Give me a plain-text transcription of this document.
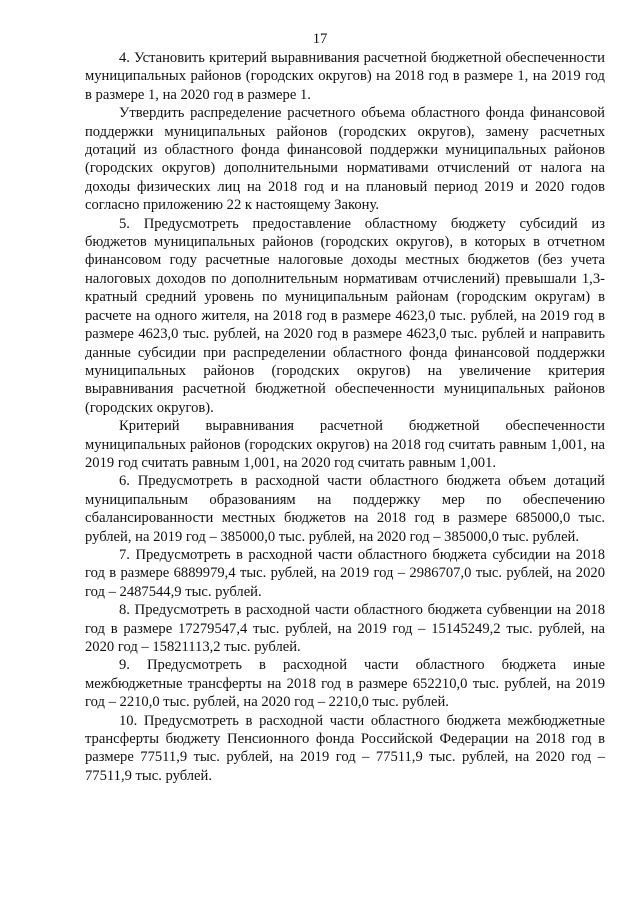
17

4. Установить критерий выравнивания расчетной бюджетной обеспеченности муниципальных районов (городских округов) на 2018 год в размере 1, на 2019 год в размере 1, на 2020 год в размере 1.

Утвердить распределение расчетного объема областного фонда финансовой поддержки муниципальных районов (городских округов), замену расчетных дотаций из областного фонда финансовой поддержки муниципальных районов (городских округов) дополнительными нормативами отчислений от налога на доходы физических лиц на 2018 год и на плановый период 2019 и 2020 годов согласно приложению 22 к настоящему Закону.

5. Предусмотреть предоставление областному бюджету субсидий из бюджетов муниципальных районов (городских округов), в которых в отчетном финансовом году расчетные налоговые доходы местных бюджетов (без учета налоговых доходов по дополнительным нормативам отчислений) превышали 1,3-кратный средний уровень по муниципальным районам (городским округам) в расчете на одного жителя, на 2018 год в размере 4623,0 тыс. рублей, на 2019 год в размере 4623,0 тыс. рублей, на 2020 год в размере 4623,0 тыс. рублей и направить данные субсидии при распределении областного фонда финансовой поддержки муниципальных районов (городских округов) на увеличение критерия выравнивания расчетной бюджетной обеспеченности муниципальных районов (городских округов).

Критерий выравнивания расчетной бюджетной обеспеченности муниципальных районов (городских округов) на 2018 год считать равным 1,001, на 2019 год считать равным 1,001, на 2020 год считать равным 1,001.

6. Предусмотреть в расходной части областного бюджета объем дотаций муниципальным образованиям на поддержку мер по обеспечению сбалансированности местных бюджетов на 2018 год в размере 685000,0 тыс. рублей, на 2019 год – 385000,0 тыс. рублей, на 2020 год – 385000,0 тыс. рублей.

7. Предусмотреть в расходной части областного бюджета субсидии на 2018 год в размере 6889979,4 тыс. рублей, на 2019 год – 2986707,0 тыс. рублей, на 2020 год – 2487544,9 тыс. рублей.

8. Предусмотреть в расходной части областного бюджета субвенции на 2018 год в размере 17279547,4 тыс. рублей, на 2019 год – 15145249,2 тыс. рублей, на 2020 год – 15821113,2 тыс. рублей.

9. Предусмотреть в расходной части областного бюджета иные межбюджетные трансферты на 2018 год в размере 652210,0 тыс. рублей, на 2019 год – 2210,0 тыс. рублей, на 2020 год – 2210,0 тыс. рублей.

10. Предусмотреть в расходной части областного бюджета межбюджетные трансферты бюджету Пенсионного фонда Российской Федерации на 2018 год в размере 77511,9 тыс. рублей, на 2019 год – 77511,9 тыс. рублей, на 2020 год – 77511,9 тыс. рублей.
